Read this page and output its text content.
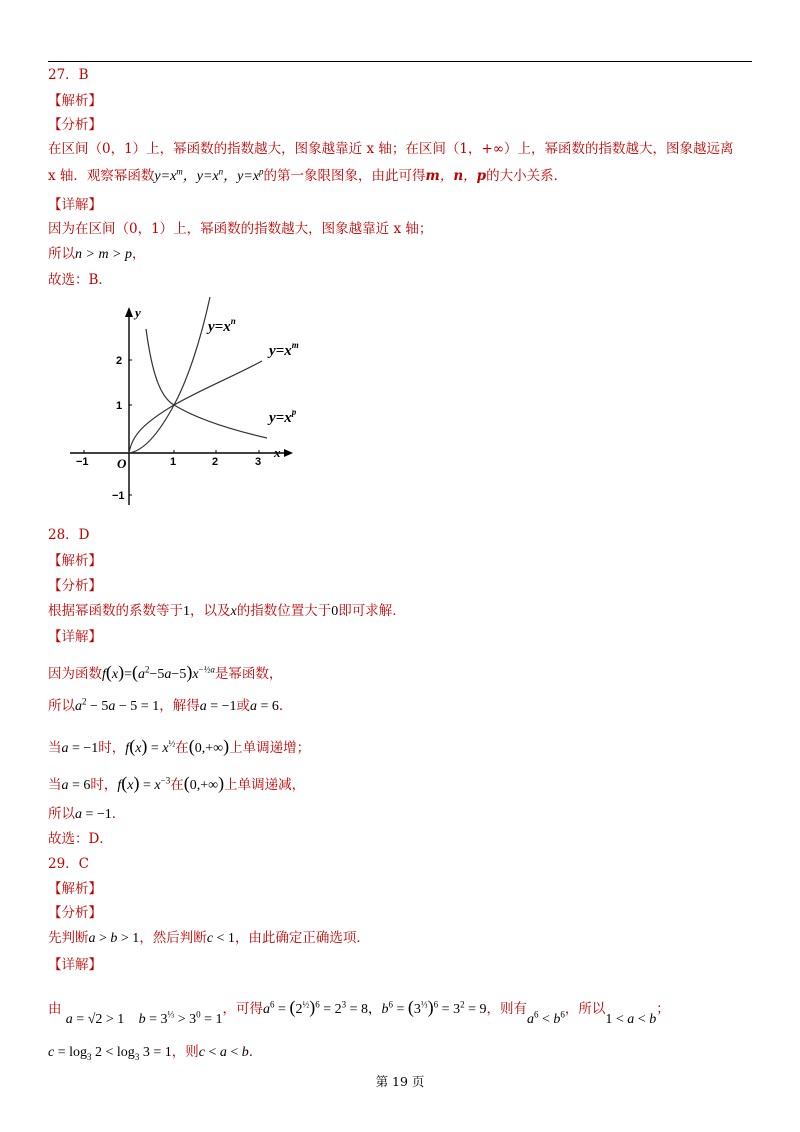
27．B
【解析】
【分析】
在区间（0，1）上，幂函数的指数越大，图象越靠近 x 轴；在区间（1，+∞）上，幂函数的指数越大，图象越远离
x 轴．观察幂函数$y=x^m$，$y=x^n$，$y=x^p$的第一象限图象，由此可得m，n，p的大小关系．
【详解】
因为在区间（0，1）上，幂函数的指数越大，图象越靠近 x 轴；
所以n > m > p，
故选：B．
y
x
O
−1	1	2	3
2
1
−1
$y=x^n$
$y=x^m$
$y=x^p$
28．D
【解析】
【分析】
根据幂函数的系数等于1，以及x的指数位置大于0即可求解．
【详解】
因为函数$f(x)=(a^2-5a-5)x^{-\frac{1}{2}a}$是幂函数，
所以$a^2 - 5a - 5 = 1$，解得a = −1或a = 6．
当a = −1时，$f(x) = x^{\frac{1}{2}}$在(0,+∞)上单调递增；
当a = 6时，$f(x) = x^{-3}$在(0,+∞)上单调递减，
所以a = −1．
故选：D．
29．C
【解析】
【分析】
先判断a > b > 1，然后判断c < 1，由此确定正确选项．
【详解】
由 a = √2 > 1 $b = 3^{\frac{1}{3}} > 3^0 = 1$，可得$a^6 = (2^{\frac{1}{2}})^6 = 2^3 = 8$，$b^6 = (3^{\frac{1}{3}})^6 = 3^2 = 9$，则有$a^6 < b^6$，所以1 < a < b；
$c = \log_3 2 < \log_3 3 = 1$，则c < a < b．
第 19 页
